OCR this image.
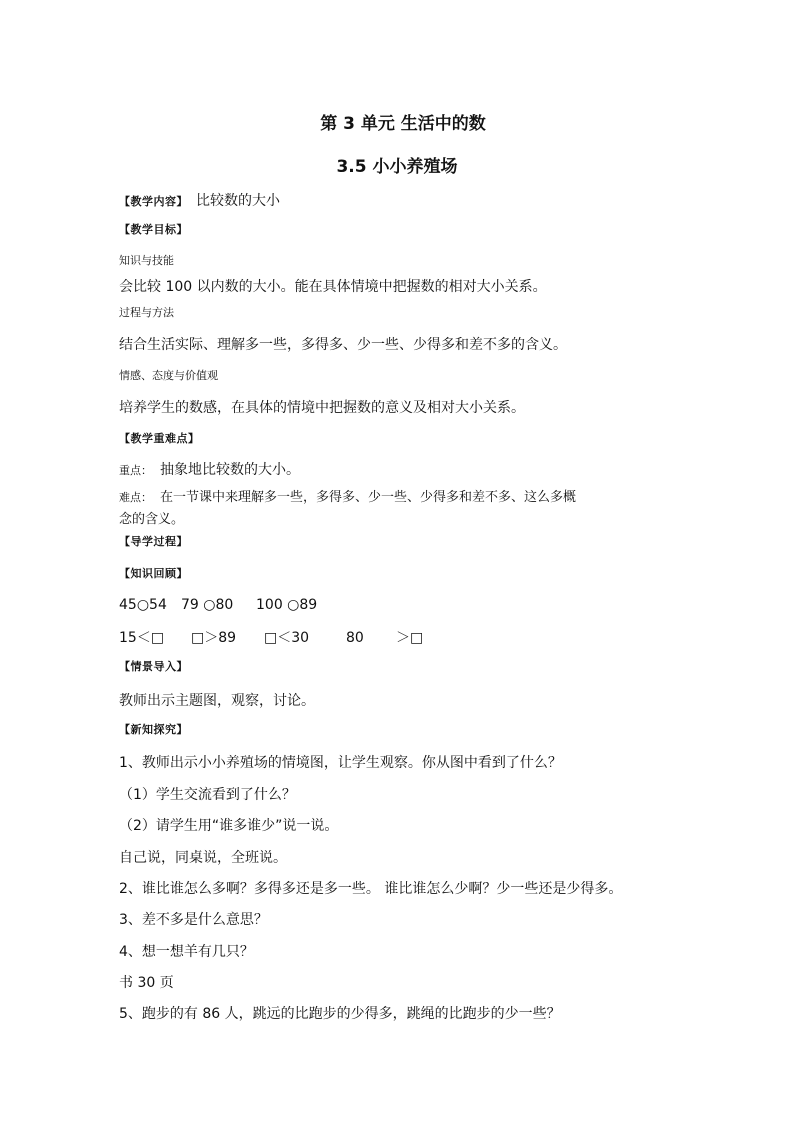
第 3 单元 生活中的数
3.5 小小养殖场
【教学内容】 比较数的大小
【教学目标】
知识与技能
会比较 100 以内数的大小。能在具体情境中把握数的相对大小关系。
过程与方法
结合生活实际、理解多一些，多得多、少一些、少得多和差不多的含义。
情感、态度与价值观
培养学生的数感，在具体的情境中把握数的意义及相对大小关系。
【教学重难点】
重点： 抽象地比较数的大小。
难点： 在一节课中来理解多一些，多得多、少一些、少得多和差不多、这么多概
念的含义。
【导学过程】
【知识回顾】
45○54 79 ○80 100 ○89
15＜□ □＞89 □＜30	80 ＞□
【情景导入】
教师出示主题图，观察，讨论。
【新知探究】
1、教师出示小小养殖场的情境图，让学生观察。你从图中看到了什么？
（1）学生交流看到了什么？
（2）请学生用“谁多谁少”说一说。
自己说，同桌说，全班说。
2、谁比谁怎么多啊？多得多还是多一些。 谁比谁怎么少啊？少一些还是少得多。
3、差不多是什么意思？
4、想一想羊有几只？
书 30 页
5、跑步的有 86 人，跳远的比跑步的少得多，跳绳的比跑步的少一些？
